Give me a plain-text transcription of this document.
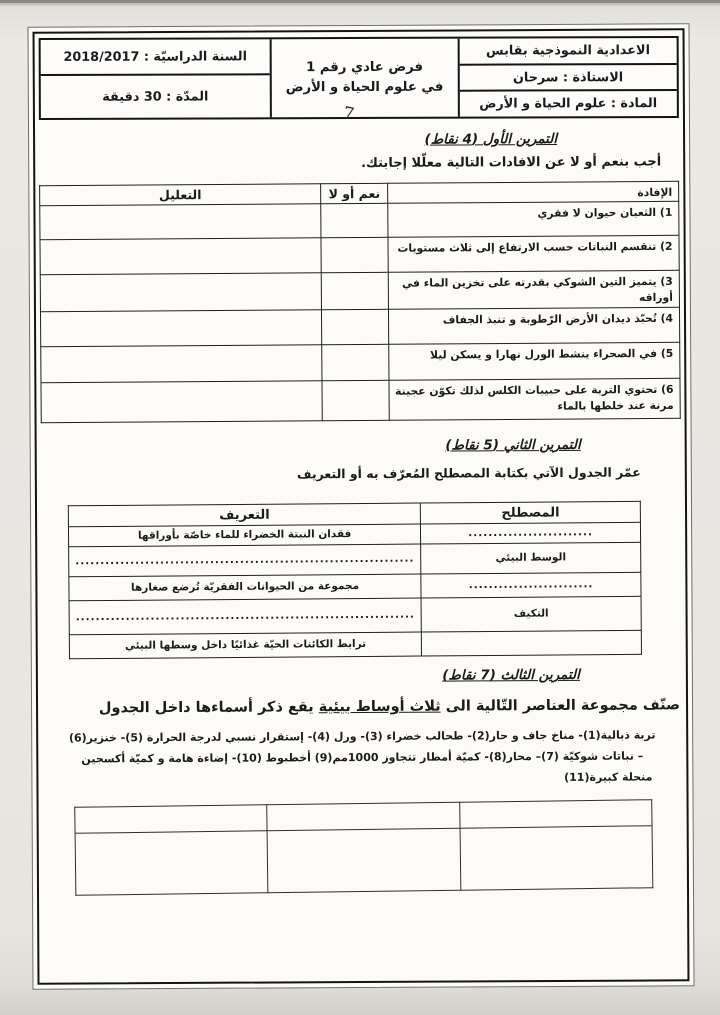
الاعدادية النموذجية بقابس
الاستاذة : سرحان
المادة : علوم الحياة و الأرض
فرض عادي رقم 1
في علوم الحياة و الأرض
7
السنة الدراسيّة : 2018/2017
المدّة : 30 دقيقة
التمرين الأول (4 نقاط)
أجب بنعم أو لا عن الافادات التالية معلّلا إجابتك.
الإفادة	نعم أو لا	التعليل
1) الثعبان حيوان لا فقري		
2) تنقسم النباتات حسب الارتفاع إلى ثلاث مستويات		
3) يتميز التين الشوكي بقدرته على تخزين الماء في أوراقه		
4) تُحبّذ ديدان الأرض الرّطوبة و تنبذ الجفاف		
5) في الصحراء ينشط الورل نهارا و يسكن ليلا		
6) تحتوي التربة على حبيبات الكلس لذلك تكوّن عجينة مرنة عند خلطها بالماء		
التمرين الثاني (5 نقاط)
عمّر الجدول الآتي بكتابة المصطلح المُعرّف به أو التعريف
المصطلح	التعريف
.........................	فقدان النبتة الخضراء للماء خاصّة بأوراقها
الوسط البيئي	....................................................................
.........................	مجموعة من الحيوانات الفقريّة تُرضع صغارها
التكيف	....................................................................
	ترابط الكائنات الحيّة غذائيًا داخل وسطها البيئي
التمرين الثالث (7 نقاط)
صنّف مجموعة العناصر التّالية الى ثلاث أوساط بيئية يقع ذكر أسماءها داخل الجدول
تربة ذبالية(1)- مناخ جاف و حار(2)- طحالب خضراء (3)- ورل (4)- إستقرار نسبي لدرجة الحرارة (5)- خنزير(6)
– نباتات شوكيّة (7)– محار(8)- كميّة أمطار تتجاوز 1000مم(9) أخطبوط (10)- إضاءة هامة و كميّة أكسجين
منحلة كبيرة(11)
